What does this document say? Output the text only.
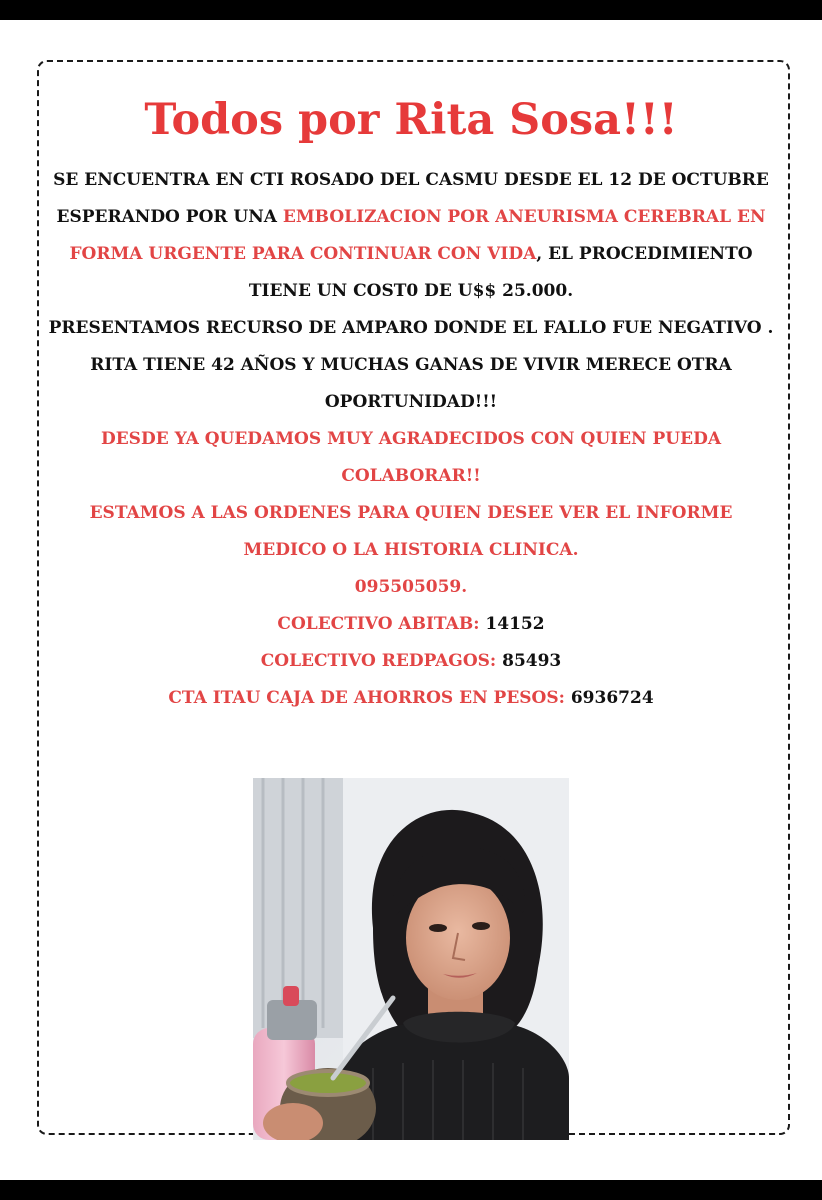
Todos por Rita Sosa!!!

SE ENCUENTRA EN CTI ROSADO DEL CASMU DESDE EL 12 DE OCTUBRE ESPERANDO POR UNA EMBOLIZACION POR ANEURISMA CEREBRAL EN FORMA URGENTE PARA CONTINUAR CON VIDA, EL PROCEDIMIENTO TIENE UN COST0 DE U$$ 25.000.

PRESENTAMOS RECURSO DE AMPARO DONDE EL FALLO FUE NEGATIVO .

RITA TIENE 42 AÑOS Y MUCHAS GANAS DE VIVIR MERECE OTRA OPORTUNIDAD!!!

DESDE YA QUEDAMOS MUY AGRADECIDOS CON QUIEN PUEDA COLABORAR!!

ESTAMOS A LAS ORDENES PARA QUIEN DESEE VER EL INFORME MEDICO O LA HISTORIA CLINICA.

095505059.

COLECTIVO ABITAB: 14152

COLECTIVO REDPAGOS: 85493

CTA ITAU CAJA DE AHORROS EN PESOS: 6936724
